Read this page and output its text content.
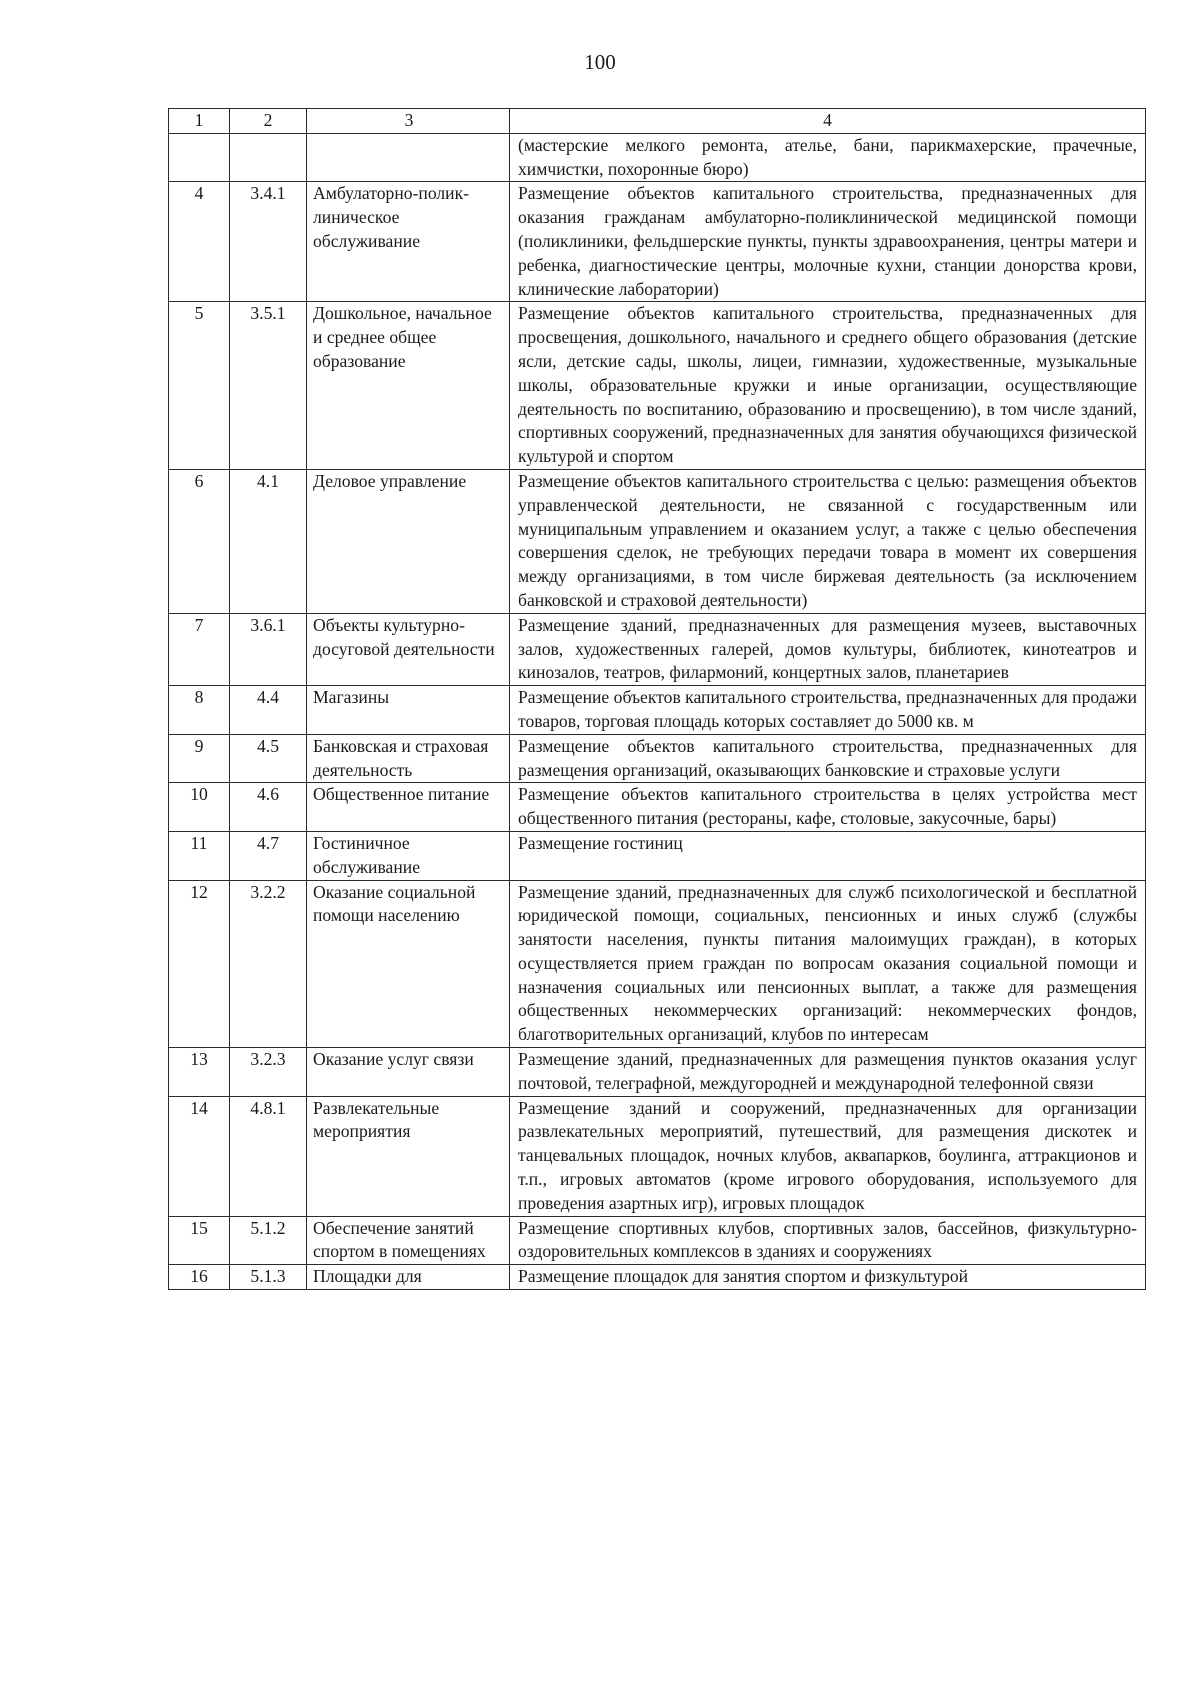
100
1	2	3	4
			(мастерские мелкого ремонта, ателье, бани, парикмахерские, прачечные, химчистки, похоронные бюро)
4	3.4.1	Амбулаторно-полик-линическое обслуживание	Размещение объектов капитального строительства, предназначенных для оказания гражданам амбулаторно-поликлинической медицинской помощи (поликлиники, фельдшерские пункты, пункты здравоохранения, центры матери и ребенка, диагностические центры, молочные кухни, станции донорства крови, клинические лаборатории)
5	3.5.1	Дошкольное, начальное и среднее общее образование	Размещение объектов капитального строительства, предназначенных для просвещения, дошкольного, начального и среднего общего образования (детские ясли, детские сады, школы, лицеи, гимназии, художественные, музыкальные школы, образовательные кружки и иные организации, осуществляющие деятельность по воспитанию, образованию и просвещению), в том числе зданий, спортивных сооружений, предназначенных для занятия обучающихся физической культурой и спортом
6	4.1	Деловое управление	Размещение объектов капитального строительства с целью: размещения объектов управленческой деятельности, не связанной с государственным или муниципальным управлением и оказанием услуг, а также с целью обеспечения совершения сделок, не требующих передачи товара в момент их совершения между организациями, в том числе биржевая деятельность (за исключением банковской и страховой деятельности)
7	3.6.1	Объекты культурно-досуговой деятельности	Размещение зданий, предназначенных для размещения музеев, выставочных залов, художественных галерей, домов культуры, библиотек, кинотеатров и кинозалов, театров, филармоний, концертных залов, планетариев
8	4.4	Магазины	Размещение объектов капитального строительства, предназначенных для продажи товаров, торговая площадь которых составляет до 5000 кв. м
9	4.5	Банковская и страховая деятельность	Размещение объектов капитального строительства, предназначенных для размещения организаций, оказывающих банковские и страховые услуги
10	4.6	Общественное питание	Размещение объектов капитального строительства в целях устройства мест общественного питания (рестораны, кафе, столовые, закусочные, бары)
11	4.7	Гостиничное обслуживание	Размещение гостиниц
12	3.2.2	Оказание социальной помощи населению	Размещение зданий, предназначенных для служб психологической и бесплатной юридической помощи, социальных, пенсионных и иных служб (службы занятости населения, пункты питания малоимущих граждан), в которых осуществляется прием граждан по вопросам оказания социальной помощи и назначения социальных или пенсионных выплат, а также для размещения общественных некоммерческих организаций: некоммерческих фондов, благотворительных организаций, клубов по интересам
13	3.2.3	Оказание услуг связи	Размещение зданий, предназначенных для размещения пунктов оказания услуг почтовой, телеграфной, междугородней и международной телефонной связи
14	4.8.1	Развлекательные мероприятия	Размещение зданий и сооружений, предназначенных для организации развлекательных мероприятий, путешествий, для размещения дискотек и танцевальных площадок, ночных клубов, аквапарков, боулинга, аттракционов и т.п., игровых автоматов (кроме игрового оборудования, используемого для проведения азартных игр), игровых площадок
15	5.1.2	Обеспечение занятий спортом в помещениях	Размещение спортивных клубов, спортивных залов, бассейнов, физкультурно-оздоровительных комплексов в зданиях и сооружениях
16	5.1.3	Площадки для	Размещение площадок для занятия спортом и физкультурой
